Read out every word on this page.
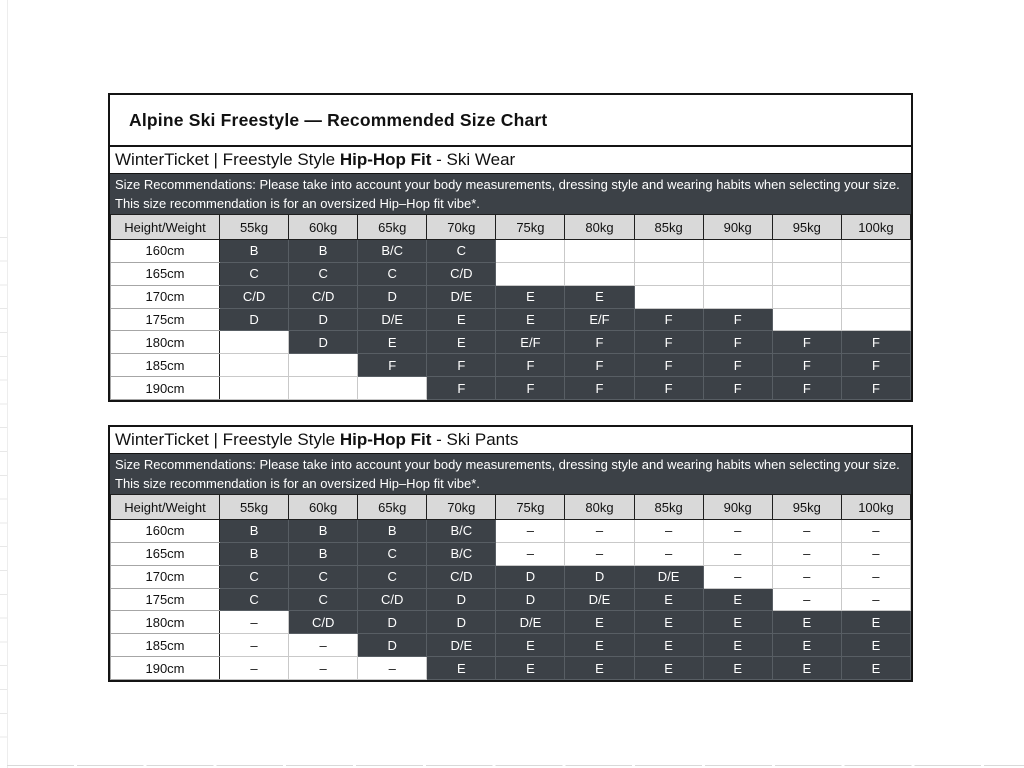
Alpine Ski Freestyle — Recommended Size Chart
WinterTicket | Freestyle Style Hip-Hop Fit - Ski Wear
Size Recommendations: Please take into account your body measurements, dressing style and wearing habits when selecting your size. This size recommendation is for an oversized Hip–Hop fit vibe*.
Height/Weight	55kg	60kg	65kg	70kg	75kg	80kg	85kg	90kg	95kg	100kg
160cm	B	B	B/C	C						
165cm	C	C	C	C/D						
170cm	C/D	C/D	D	D/E	E	E				
175cm	D	D	D/E	E	E	E/F	F	F		
180cm		D	E	E	E/F	F	F	F	F	F
185cm			F	F	F	F	F	F	F	F
190cm				F	F	F	F	F	F	F
WinterTicket | Freestyle Style Hip-Hop Fit - Ski Pants
Size Recommendations: Please take into account your body measurements, dressing style and wearing habits when selecting your size. This size recommendation is for an oversized Hip–Hop fit vibe*.
Height/Weight	55kg	60kg	65kg	70kg	75kg	80kg	85kg	90kg	95kg	100kg
160cm	B	B	B	B/C	–	–	–	–	–	–
165cm	B	B	C	B/C	–	–	–	–	–	–
170cm	C	C	C	C/D	D	D	D/E	–	–	–
175cm	C	C	C/D	D	D	D/E	E	E	–	–
180cm	–	C/D	D	D	D/E	E	E	E	E	E
185cm	–	–	D	D/E	E	E	E	E	E	E
190cm	–	–	–	E	E	E	E	E	E	E
